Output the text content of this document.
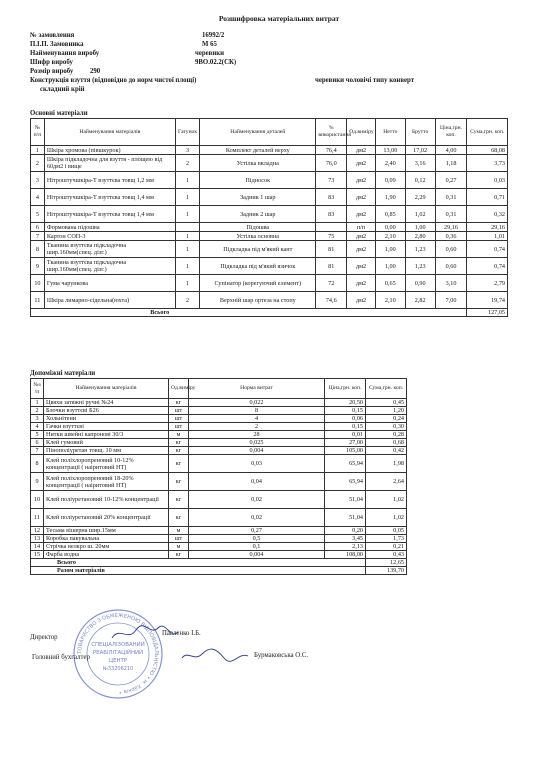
Розшифровка матеріальних витрат
№ замовлення	16992/2
П.І.П. Замовника	М 65
Найменування виробу	черевики
Шифр виробу	9ВО.02.2(СК)
Розмір виробу 290
Конструкція взуття (відповідно до норм чистої площі)	черевики чоловічі типу конверт
складний крій
Основні матеріали
№ п/п	Найменування матеріалів	Гатунок	Найменування деталей	% використання	Од.виміру	Нетто	Брутто	Ціна,грн. коп.	Сума,грн. коп.
1	Шкіра хромова (півшкурок)	3	Комплект деталей верху	76,4	дм2	13,00	17,02	4,00	68,08
2	Шкіра підкладочна для взуття - площею від 60дм2 і вище	2	Устілка вкладна	76,0	дм2	2,40	3,16	1,18	3,73
3	Нітроштучшкіра-Т взуттєва товщ 1,2 мм	1	Підносок	73	дм2	0,09	0,12	0,27	0,03
4	Нітроштучшкіра-Т взуттєва товщ 1,4 мм	1	Задник 1 шар	83	дм2	1,90	2,29	0,31	0,71
5	Нітроштучшкіра-Т взуттєва товщ 1,4 мм	1	Задник 2 шар	83	дм2	0,85	1,02	0,31	0,32
6	Формована підошва		Підошва		п/п	0,00	1,00	29,16	29,16
7	Картон СОП-3	1	Устілка основна	75	дм2	2,10	2,80	0,36	1,01
8	Тканина взуттєва підкладочна шир.160мм(спец. дізг.)	1	Підкладка під м'який кант	81	дм2	1,00	1,23	0,60	0,74
9	Тканина взуттєва підкладочна шир.160мм(спец. дізг.)	1	Підкладка під м'який язичок	81	дм2	1,00	1,23	0,60	0,74
10	Гума чарункова	1	Супінатор (корегуючий елемент)	72	дм2	0,65	0,90	3,10	2,79
11	Шкіра лимарно-сідельна(юхта)	2	Верхній шар ортеза на стопу	74,6	дм2	2,10	2,82	7,00	19,74
Всього									127,05
Допоміжні матеріали
№з /п	Найменування матеріалів	Од.виміру	Норма витрат	Ціна,грн. коп.	Сума,грн. коп.
1	Цвяхи затяжні ручні №24	кг	0,022	20,50	0,45
2	Блочки взуттєві Б26	шт	8	0,15	1,20
3	Хольнітени	шт	4	0,06	0,24
4	Гачки взуттєві	шт	2	0,15	0,30
5	Нитки швейні капронові 30/3	м	28	0,01	0,28
6	Клей гумовий	кг	0,025	27,00	0,68
7	Пінополіуретан товщ. 10 мм	кг	0,004	105,00	0,42
8	Клей поліхлоропреновий 10-12% концентрації ( наіритовий НТ)	кг	0,03	65,94	1,98
9	Клей поліхлоропреновий 18-20% концентрації ( наіритовий НТ)	кг	0,04	65,94	2,64
10	Клей поліуретановий 10-12% концентрації	кг	0,02	51,04	1,02
11	Клей поліуретановий 20% концентрації	кг	0,02	51,04	1,02
12	Тесьма вішерна шир.15мм	м	0,27	0,20	0,05
13	Коробка пакувальна	шт	0,5	3,45	1,73
14	Стрічка велкро ш. 20мм	м	0,1	2,13	0,21
15	Фарба водна	кг	0,004	108,00	0,43
Всього					12,65
Разом матеріалів					139,70
ТОВАРИСТВО З ОБМЕЖЕНОЮ ВІДПОВІДАЛЬНІСТЮ • м. Харків •
СПЕЦІАЛІЗОВАНИЙ
РЕАБІЛІТАЦІЙНИЙ
ЦЕНТР
№33206210
Директор
Павленко І.Б.
Головний бухгалтер	Бурмаковська О.С.
